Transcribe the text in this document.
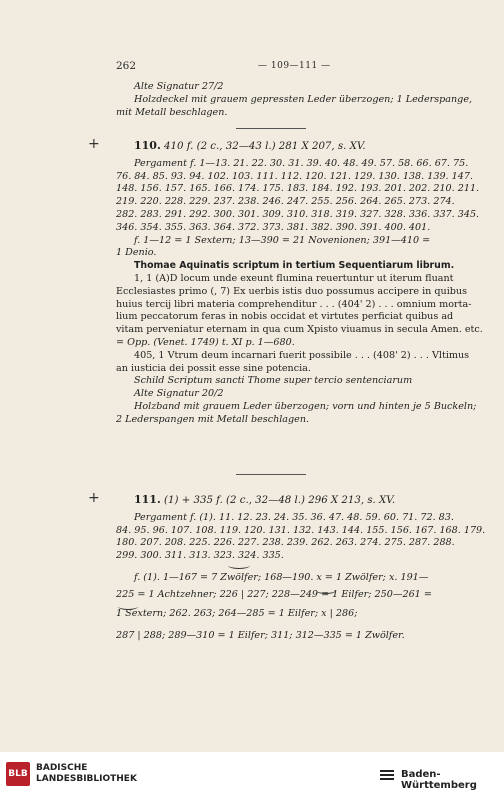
262	— 109—111 —
Alte Signatur 27/2
Holzdeckel mit grauem gepressten Leder überzogen; 1 Lederspange,
mit Metall beschlagen.
+	110. 410 f. (2 c., 32—43 l.) 281 X 207, s. XV.
Pergament f. 1—13. 21. 22. 30. 31. 39. 40. 48. 49. 57. 58. 66. 67. 75.
76. 84. 85. 93. 94. 102. 103. 111. 112. 120. 121. 129. 130. 138. 139. 147.
148. 156. 157. 165. 166. 174. 175. 183. 184. 192. 193. 201. 202. 210. 211.
219. 220. 228. 229. 237. 238. 246. 247. 255. 256. 264. 265. 273. 274.
282. 283. 291. 292. 300. 301. 309. 310. 318. 319. 327. 328. 336. 337. 345.
346. 354. 355. 363. 364. 372. 373. 381. 382. 390. 391. 400. 401.
f. 1—12 = 1 Sextern; 13—390 = 21 Novenionen; 391—410 =
1 Denio.
Thomae Aquinatis scriptum in tertium Sequentiarum librum.
1, 1 (A)D locum unde exeunt flumina reuertuntur ut iterum fluant
Ecclesiastes primo (, 7) Ex uerbis istis duo possumus accipere in quibus
huius tercij libri materia comprehenditur . . . (404' 2) . . . omnium morta-
lium peccatorum feras in nobis occidat et virtutes perficiat quibus ad
vitam perveniatur eternam in qua cum Xpisto viuamus in secula Amen. etc.
= Opp. (Venet. 1749) t. XI p. 1—680.
405, 1 Vtrum deum incarnari fuerit possibile . . . (408' 2) . . . Vltimus
an iusticia dei possit esse sine potencia.
Schild Scriptum sancti Thome super tercio sentenciarum
Alte Signatur 20/2
Holzband mit grauem Leder überzogen; vorn und hinten je 5 Buckeln;
2 Lederspangen mit Metall beschlagen.
+	111. (1) + 335 f. (2 c., 32—48 l.) 296 X 213, s. XV.
Pergament f. (1). 11. 12. 23. 24. 35. 36. 47. 48. 59. 60. 71. 72. 83.
84. 95. 96. 107. 108. 119. 120. 131. 132. 143. 144. 155. 156. 167. 168. 179.
180. 207. 208. 225. 226. 227. 238. 239. 262. 263. 274. 275. 287. 288.
299. 300. 311. 313. 323. 324. 335.
f. (1). 1—167 = 7 Zwölfer; 168—190. x = 1 Zwölfer; x. 191—
225 = 1 Achtzehner; 226 | 227; 228—249 = 1 Eilfer; 250—261 =
1 Sextern; 262. 263; 264—285 = 1 Eilfer; x | 286;
287 | 288; 289—310 = 1 Eilfer; 311; 312—335 = 1 Zwölfer.
BLB
BADISCHE
LANDESBIBLIOTHEK	Baden-Württemberg
